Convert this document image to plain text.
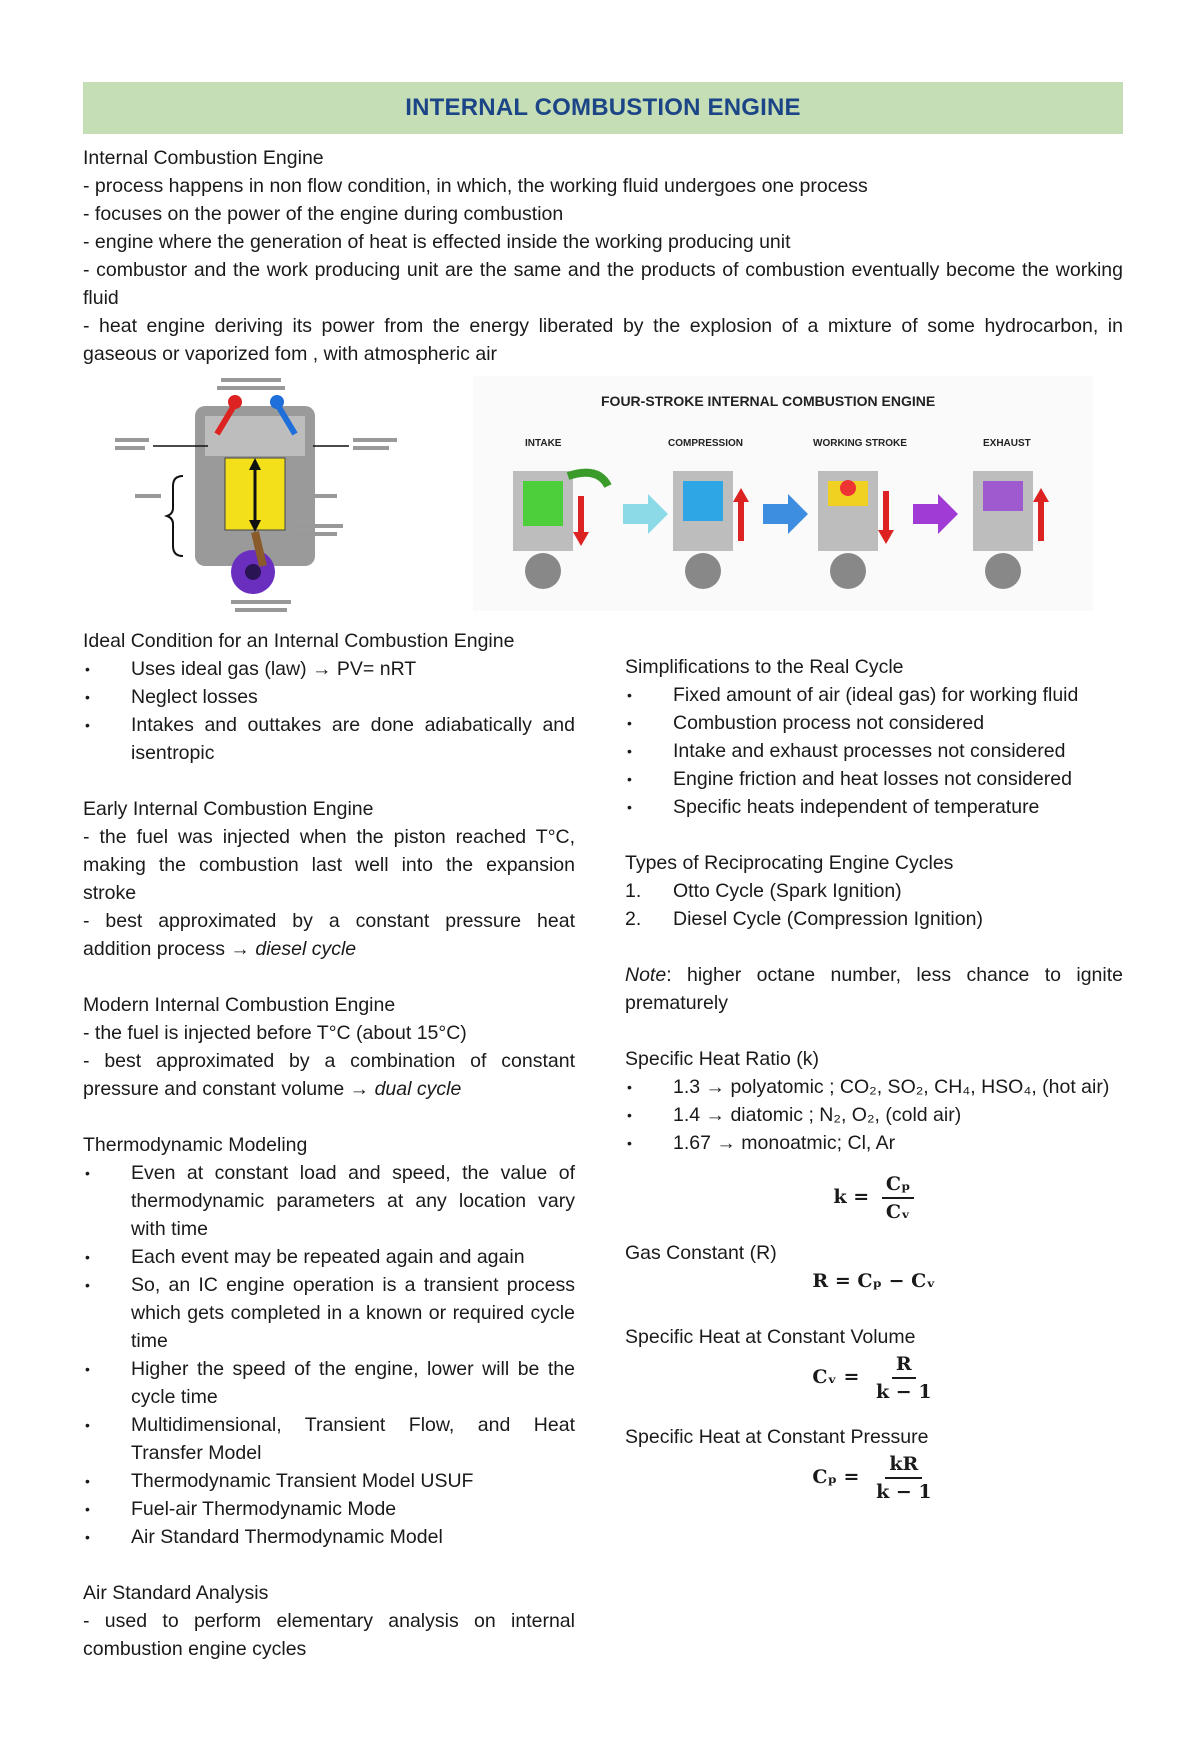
INTERNAL COMBUSTION ENGINE
Internal Combustion Engine
- process happens in non flow condition, in which, the working fluid undergoes one process
- focuses on the power of the engine during combustion
- engine where the generation of heat is effected inside the working producing unit
- combustor and the work producing unit are the same and the products of combustion eventually become the working fluid
- heat engine deriving its power from the energy liberated by the explosion of a mixture of some hydrocarbon, in gaseous or vaporized fom , with atmospheric air
FOUR-STROKE INTERNAL COMBUSTION ENGINE
INTAKE	COMPRESSION	WORKING STROKE	EXHAUST
Ideal Condition for an Internal Combustion Engine
• Uses ideal gas (law) → PV= nRT
• Neglect losses
• Intakes and outtakes are done adiabatically and isentropic
Early Internal Combustion Engine
- the fuel was injected when the piston reached T°C, making the combustion last well into the expansion stroke
- best approximated by a constant pressure heat addition process → diesel cycle
Modern Internal Combustion Engine
- the fuel is injected before T°C (about 15°C)
- best approximated by a combination of constant pressure and constant volume → dual cycle
Thermodynamic Modeling
• Even at constant load and speed, the value of thermodynamic parameters at any location vary with time
• Each event may be repeated again and again
• So, an IC engine operation is a transient process which gets completed in a known or required cycle time
• Higher the speed of the engine, lower will be the cycle time
• Multidimensional, Transient Flow, and Heat Transfer Model
• Thermodynamic Transient Model USUF
• Fuel-air Thermodynamic Mode
• Air Standard Thermodynamic Model
Air Standard Analysis
- used to perform elementary analysis on internal combustion engine cycles
Simplifications to the Real Cycle
• Fixed amount of air (ideal gas) for working fluid
• Combustion process not considered
• Intake and exhaust processes not considered
• Engine friction and heat losses not considered
• Specific heats independent of temperature
Types of Reciprocating Engine Cycles
1. Otto Cycle (Spark Ignition)
2. Diesel Cycle (Compression Ignition)
Note: higher octane number, less chance to ignite prematurely
Specific Heat Ratio (k)
• 1.3 → polyatomic ; CO₂, SO₂, CH₄, HSO₄, (hot air)
• 1.4 → diatomic ; N₂, O₂, (cold air)
• 1.67 → monoatmic; Cl, Ar
$k = \frac{\text{Cₚ}}{\text{Cᵥ}}$
Gas Constant (R)
R = Cₚ − Cᵥ
Specific Heat at Constant Volume
Cᵥ = $\frac{R}{k - 1}$
Specific Heat at Constant Pressure
$C_p = \frac{kR}{k - 1}$
